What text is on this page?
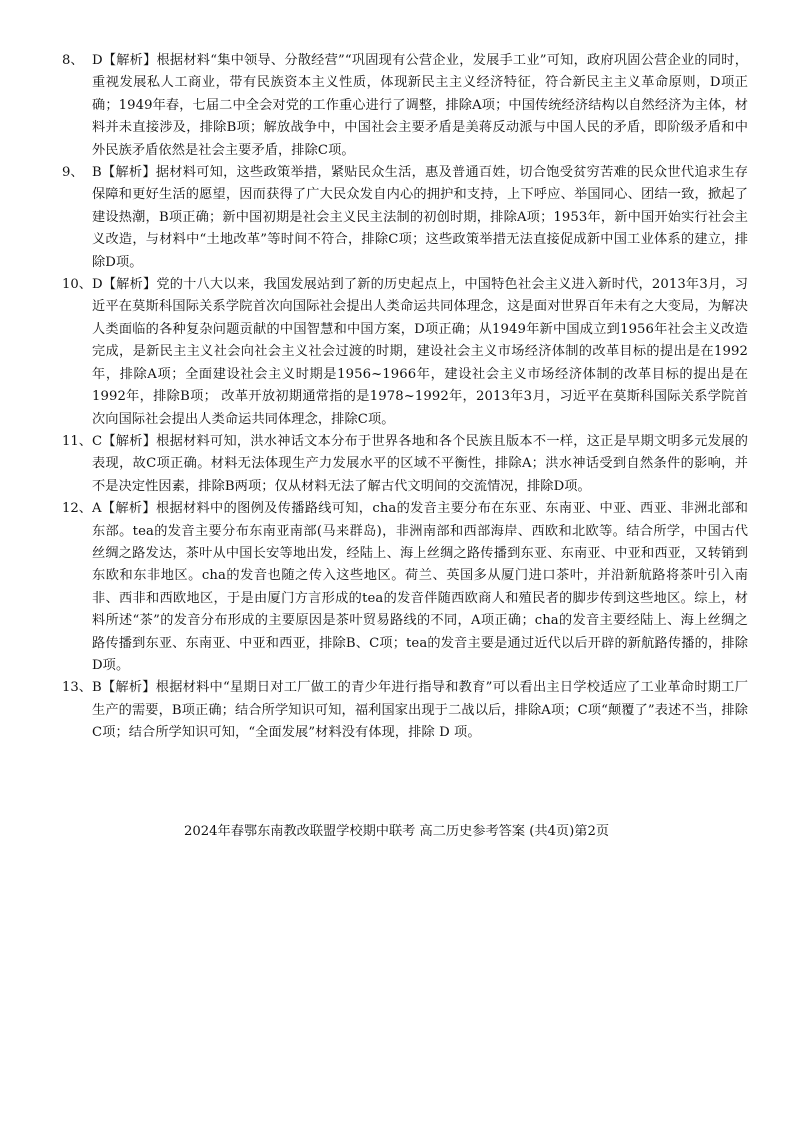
8、 D【解析】根据材料“集中领导、分散经营”“巩固现有公营企业，发展手工业”可知，政府巩固公营企业的同时，重视发展私人工商业，带有民族资本主义性质，体现新民主主义经济特征，符合新民主主义革命原则，D项正确；1949年春，七届二中全会对党的工作重心进行了调整，排除A项；中国传统经济结构以自然经济为主体，材料并未直接涉及，排除B项；解放战争中，中国社会主要矛盾是美蒋反动派与中国人民的矛盾，即阶级矛盾和中外民族矛盾依然是社会主要矛盾，排除C项。
9、 B【解析】据材料可知，这些政策举措，紧贴民众生活，惠及普通百姓，切合饱受贫穷苦难的民众世代追求生存保障和更好生活的愿望，因而获得了广大民众发自内心的拥护和支持，上下呼应、举国同心、团结一致，掀起了建设热潮，B项正确；新中国初期是社会主义民主法制的初创时期，排除A项；1953年，新中国开始实行社会主义改造，与材料中“土地改革”等时间不符合，排除C项；这些政策举措无法直接促成新中国工业体系的建立，排除D项。
10、 D【解析】党的十八大以来，我国发展站到了新的历史起点上，中国特色社会主义进入新时代，2013年3月，习近平在莫斯科国际关系学院首次向国际社会提出人类命运共同体理念，这是面对世界百年未有之大变局，为解决人类面临的各种复杂问题贡献的中国智慧和中国方案，D项正确；从1949年新中国成立到1956年社会主义改造完成，是新民主主义社会向社会主义社会过渡的时期，建设社会主义市场经济体制的改革目标的提出是在1992年，排除A项；全面建设社会主义时期是1956~1966年，建设社会主义市场经济体制的改革目标的提出是在1992年，排除B项； 改革开放初期通常指的是1978~1992年，2013年3月，习近平在莫斯科国际关系学院首次向国际社会提出人类命运共同体理念，排除C项。
11、 C【解析】根据材料可知，洪水神话文本分布于世界各地和各个民族且版本不一样，这正是早期文明多元发展的表现，故C项正确。材料无法体现生产力发展水平的区域不平衡性，排除A；洪水神话受到自然条件的影响，并不是决定性因素，排除B两项；仅从材料无法了解古代文明间的交流情况，排除D项。
12、 A【解析】根据材料中的图例及传播路线可知，cha的发音主要分布在东亚、东南亚、中亚、西亚、非洲北部和东部。tea的发音主要分布东南亚南部(马来群岛)，非洲南部和西部海岸、西欧和北欧等。结合所学，中国古代丝绸之路发达，茶叶从中国长安等地出发，经陆上、海上丝绸之路传播到东亚、东南亚、中亚和西亚，又转销到东欧和东非地区。cha的发音也随之传入这些地区。荷兰、英国多从厦门进口茶叶，并沿新航路将茶叶引入南非、西非和西欧地区，于是由厦门方言形成的tea的发音伴随西欧商人和殖民者的脚步传到这些地区。综上，材料所述“茶”的发音分布形成的主要原因是茶叶贸易路线的不同，A项正确；cha的发音主要经陆上、海上丝绸之路传播到东亚、东南亚、中亚和西亚，排除B、C项；tea的发音主要是通过近代以后开辟的新航路传播的，排除D项。
13、 B【解析】根据材料中“星期日对工厂做工的青少年进行指导和教育”可以看出主日学校适应了工业革命时期工厂生产的需要，B项正确；结合所学知识可知，福利国家出现于二战以后，排除A项；C项“颠覆了”表述不当，排除C项；结合所学知识可知，“全面发展”材料没有体现，排除 D 项。
2024年春鄂东南教改联盟学校期中联考 高二历史参考答案 (共4页)第2页
